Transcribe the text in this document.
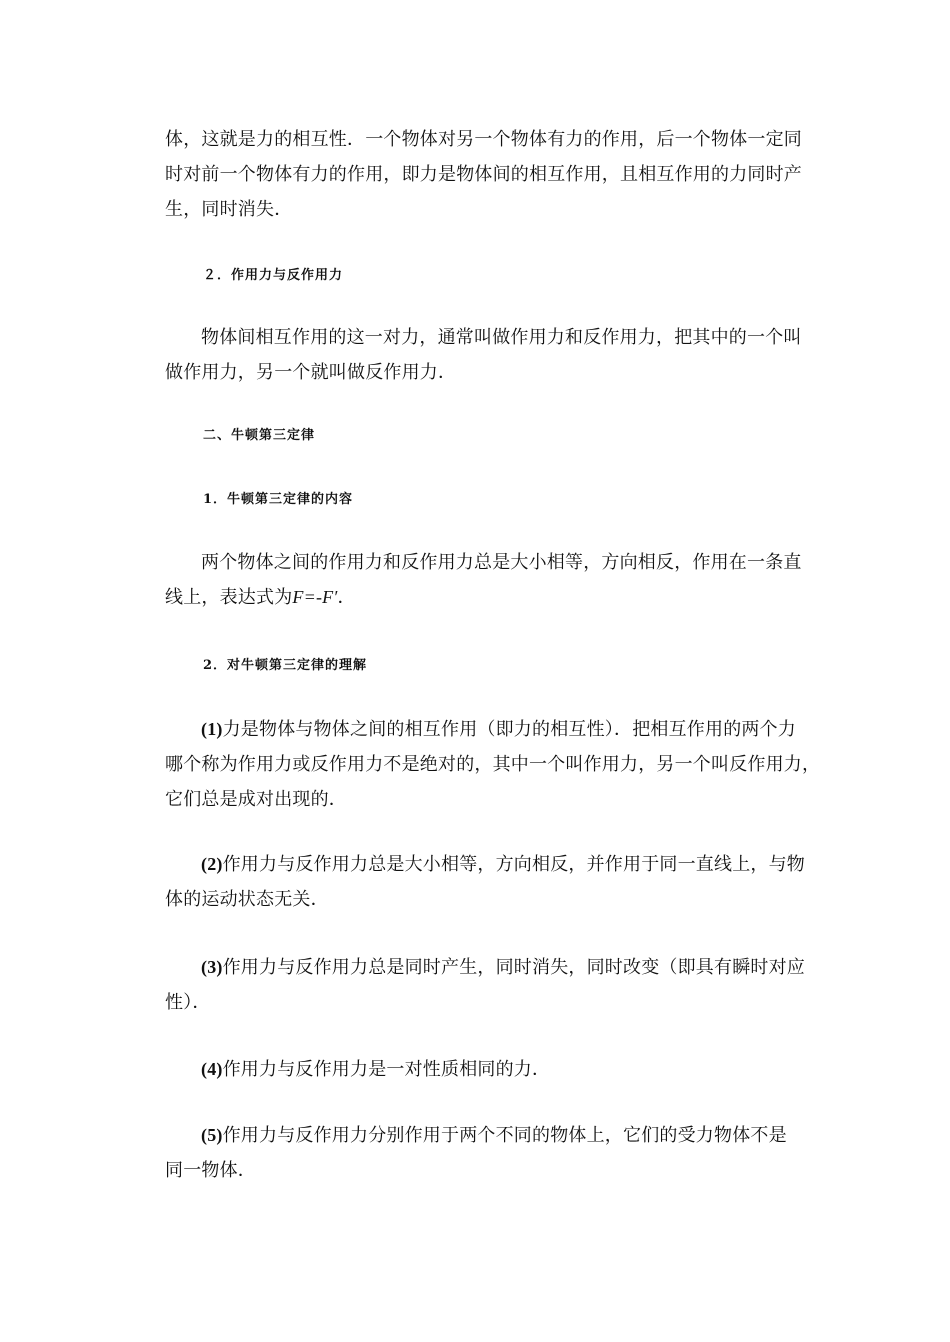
体，这就是力的相互性．一个物体对另一个物体有力的作用，后一个物体一定同
时对前一个物体有力的作用，即力是物体间的相互作用，且相互作用的力同时产
生，同时消失．
２．作用力与反作用力
物体间相互作用的这一对力，通常叫做作用力和反作用力，把其中的一个叫
做作用力，另一个就叫做反作用力．
二、牛顿第三定律
1．牛顿第三定律的内容
两个物体之间的作用力和反作用力总是大小相等，方向相反，作用在一条直
线上，表达式为F=-F′．
2．对牛顿第三定律的理解
(1)力是物体与物体之间的相互作用（即力的相互性）．把相互作用的两个力
哪个称为作用力或反作用力不是绝对的，其中一个叫作用力，另一个叫反作用力，
它们总是成对出现的．
(2)作用力与反作用力总是大小相等，方向相反，并作用于同一直线上，与物
体的运动状态无关．
(3)作用力与反作用力总是同时产生，同时消失，同时改变（即具有瞬时对应
性）．
(4)作用力与反作用力是一对性质相同的力．
(5)作用力与反作用力分别作用于两个不同的物体上，它们的受力物体不是
同一物体．
